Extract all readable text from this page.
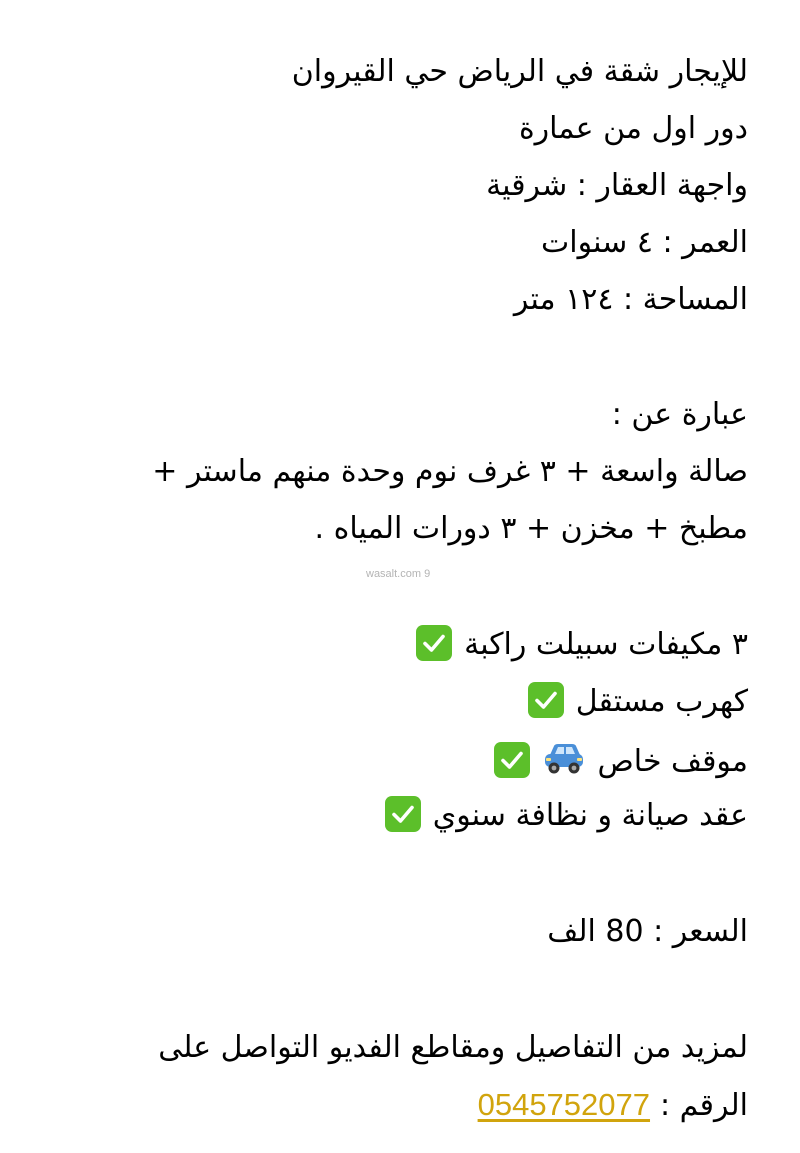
للإيجار شقة في الرياض حي القيروان
دور اول من عمارة
واجهة العقار : شرقية
العمر : ٤ سنوات
المساحة : ١٢٤ متر
عبارة عن :
صالة واسعة + ٣ غرف نوم وحدة منهم ماستر +
مطبخ + مخزن + ٣ دورات المياه .
wasalt.com 9
٣ مكيفات سبيلت راكبة
كهرب مستقل
موقف خاص
عقد صيانة و نظافة سنوي
السعر : 80 الف
لمزيد من التفاصيل ومقاطع الفديو التواصل على
الرقم :0545752077
